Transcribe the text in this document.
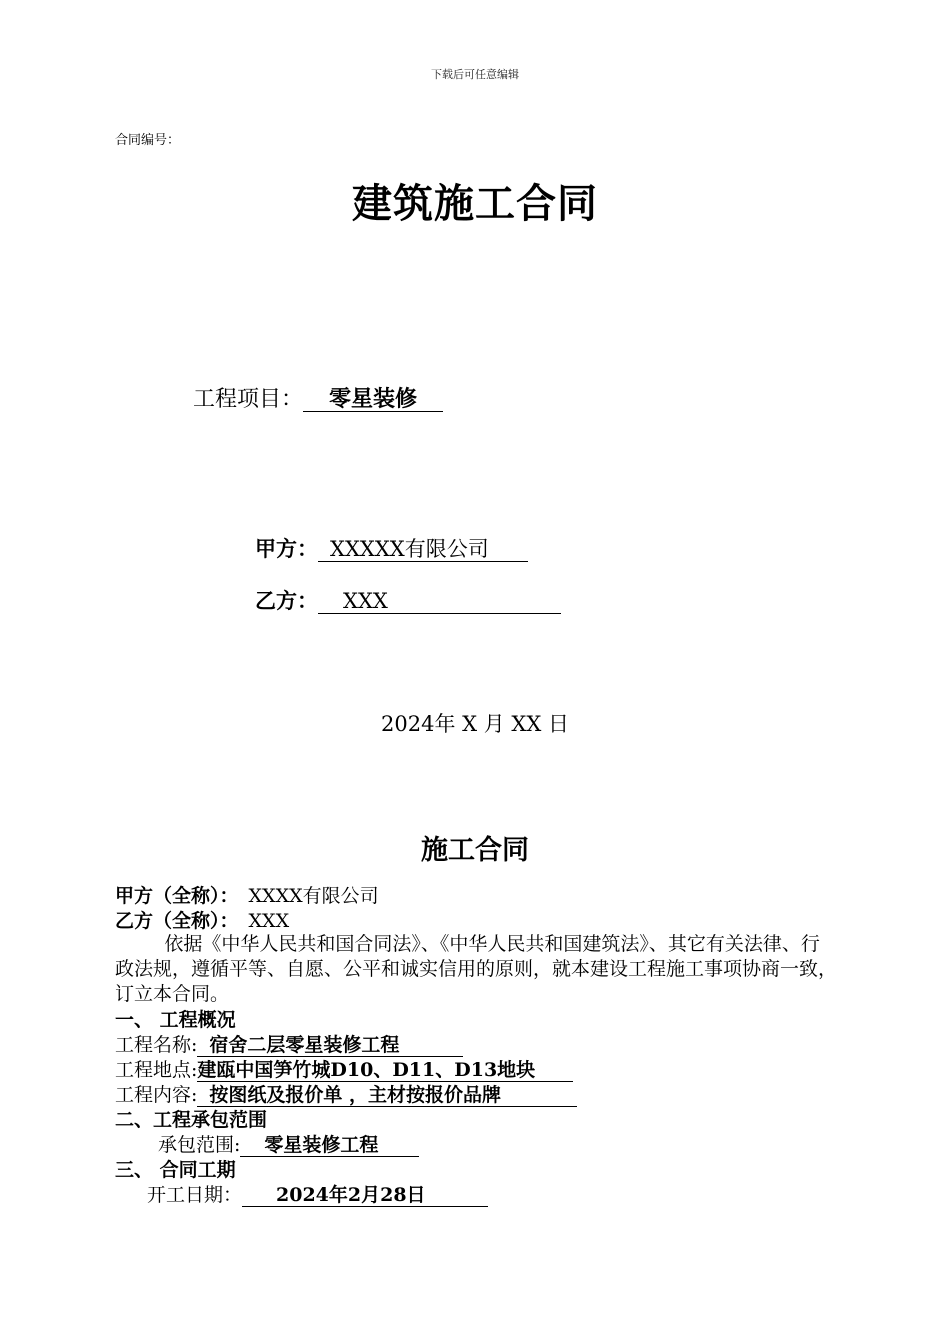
下载后可任意编辑
合同编号：
建筑施工合同
工程项目： 零星装修
甲方： XXXXX有限公司
乙方： XXX
2024年 X 月 XX 日
施工合同
甲方（全称）： XXXX有限公司
乙方（全称）： XXX
依据《中华人民共和国合同法》、《中华人民共和国建筑法》、其它有关法律、行政法规，遵循平等、自愿、公平和诚实信用的原则，就本建设工程施工事项协商一致，订立本合同。
一、 工程概况
工程名称: 宿舍二层零星装修工程
工程地点:建瓯中国笋竹城D10、D11、D13地块
工程内容: 按图纸及报价单 ，主材按报价品牌
二、工程承包范围
承包范围: 零星装修工程
三、 合同工期
开工日期： 2024年2月28日
